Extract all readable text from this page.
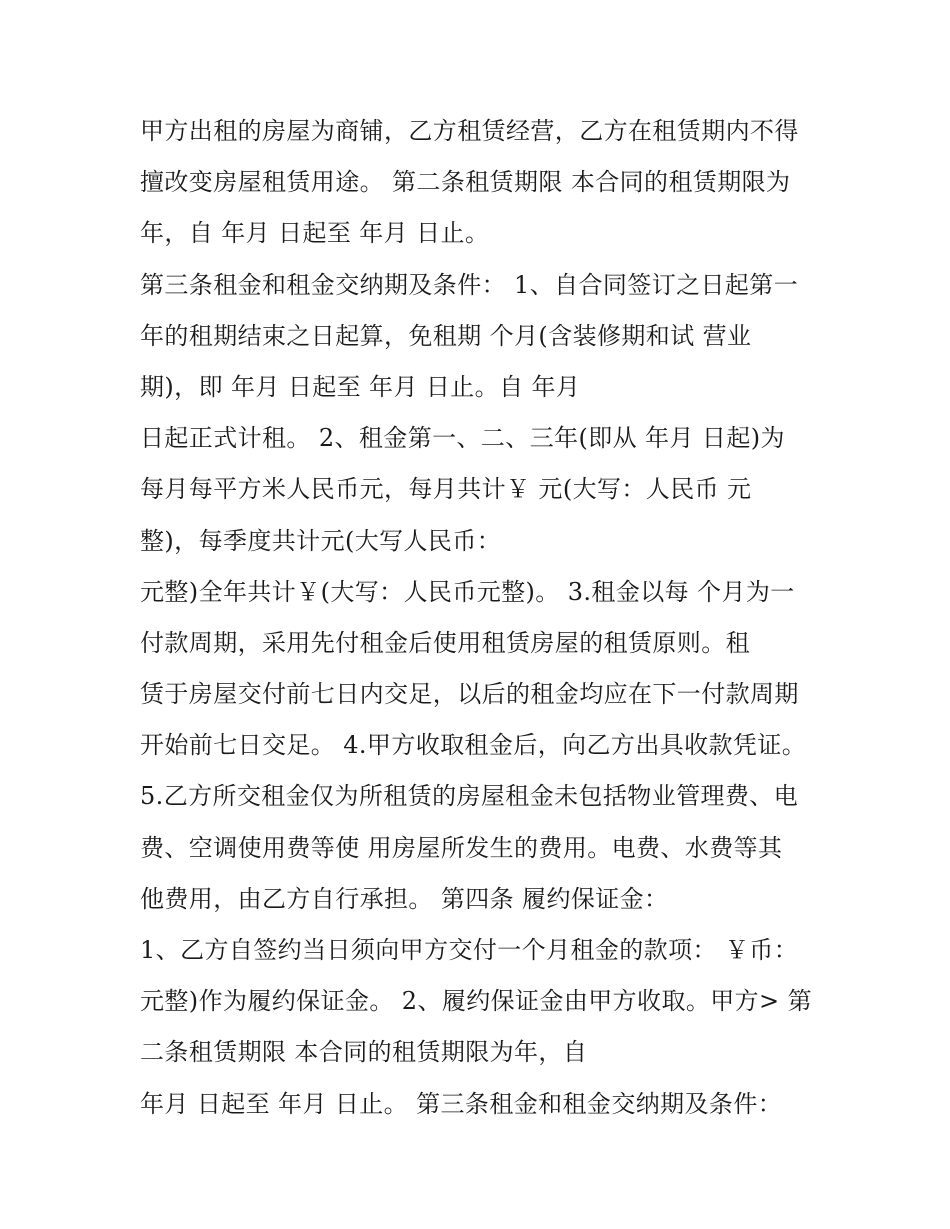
甲方出租的房屋为商铺，乙方租赁经营，乙方在租赁期内不得
擅改变房屋租赁用途。 第二条租赁期限 本合同的租赁期限为
年，自 年月 日起至 年月 日止。
第三条租金和租金交纳期及条件： 1、自合同签订之日起第一
年的租期结束之日起算，免租期 个月(含装修期和试 营业
期)，即 年月 日起至 年月 日止。自 年月
日起正式计租。 2、租金第一、二、三年(即从 年月 日起)为
每月每平方米人民币元，每月共计￥ 元(大写：人民币 元
整)，每季度共计元(大写人民币：
元整)全年共计￥(大写：人民币元整)。 3.租金以每 个月为一
付款周期，采用先付租金后使用租赁房屋的租赁原则。租
赁于房屋交付前七日内交足，以后的租金均应在下一付款周期
开始前七日交足。 4.甲方收取租金后，向乙方出具收款凭证。
5.乙方所交租金仅为所租赁的房屋租金未包括物业管理费、电
费、空调使用费等使 用房屋所发生的费用。电费、水费等其
他费用，由乙方自行承担。 第四条 履约保证金：
1、乙方自签约当日须向甲方交付一个月租金的款项： ￥币：
元整)作为履约保证金。 2、履约保证金由甲方收取。甲方> 第
二条租赁期限 本合同的租赁期限为年，自
年月 日起至 年月 日止。 第三条租金和租金交纳期及条件：
